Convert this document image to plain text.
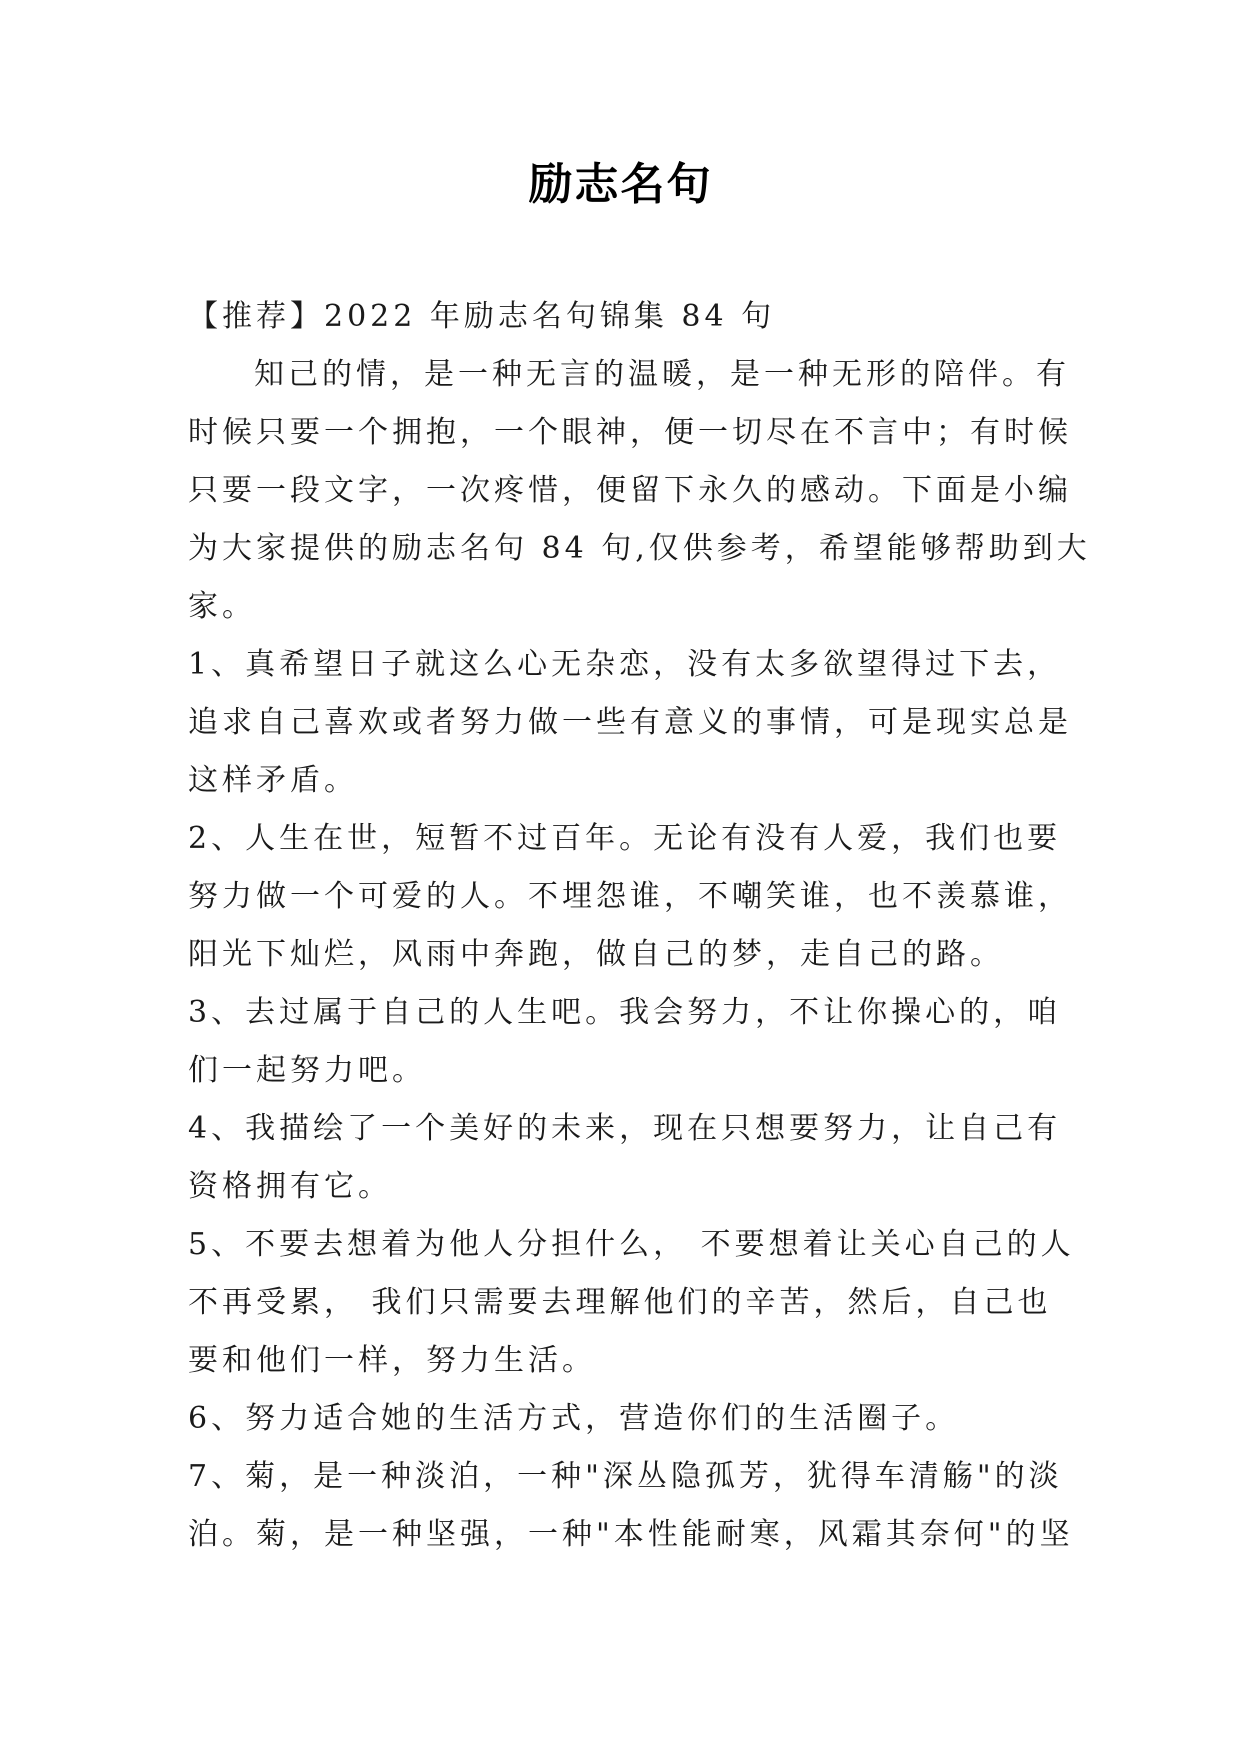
励志名句
【推荐】2022 年励志名句锦集 84 句
知己的情，是一种无言的温暖，是一种无形的陪伴。有
时候只要一个拥抱，一个眼神，便一切尽在不言中；有时候
只要一段文字，一次疼惜，便留下永久的感动。下面是小编
为大家提供的励志名句 84 句,仅供参考，希望能够帮助到大
家。
1、真希望日子就这么心无杂恋，没有太多欲望得过下去，
追求自己喜欢或者努力做一些有意义的事情，可是现实总是
这样矛盾。
2、人生在世，短暂不过百年。无论有没有人爱，我们也要
努力做一个可爱的人。不埋怨谁，不嘲笑谁，也不羡慕谁，
阳光下灿烂，风雨中奔跑，做自己的梦，走自己的路。
3、去过属于自己的人生吧。我会努力，不让你操心的，咱
们一起努力吧。
4、我描绘了一个美好的未来，现在只想要努力，让自己有
资格拥有它。
5、不要去想着为他人分担什么， 不要想着让关心自己的人
不再受累， 我们只需要去理解他们的辛苦，然后，自己也
要和他们一样，努力生活。
6、努力适合她的生活方式，营造你们的生活圈子。
7、菊，是一种淡泊，一种"深丛隐孤芳，犹得车清觞"的淡
泊。菊，是一种坚强，一种"本性能耐寒，风霜其奈何"的坚
